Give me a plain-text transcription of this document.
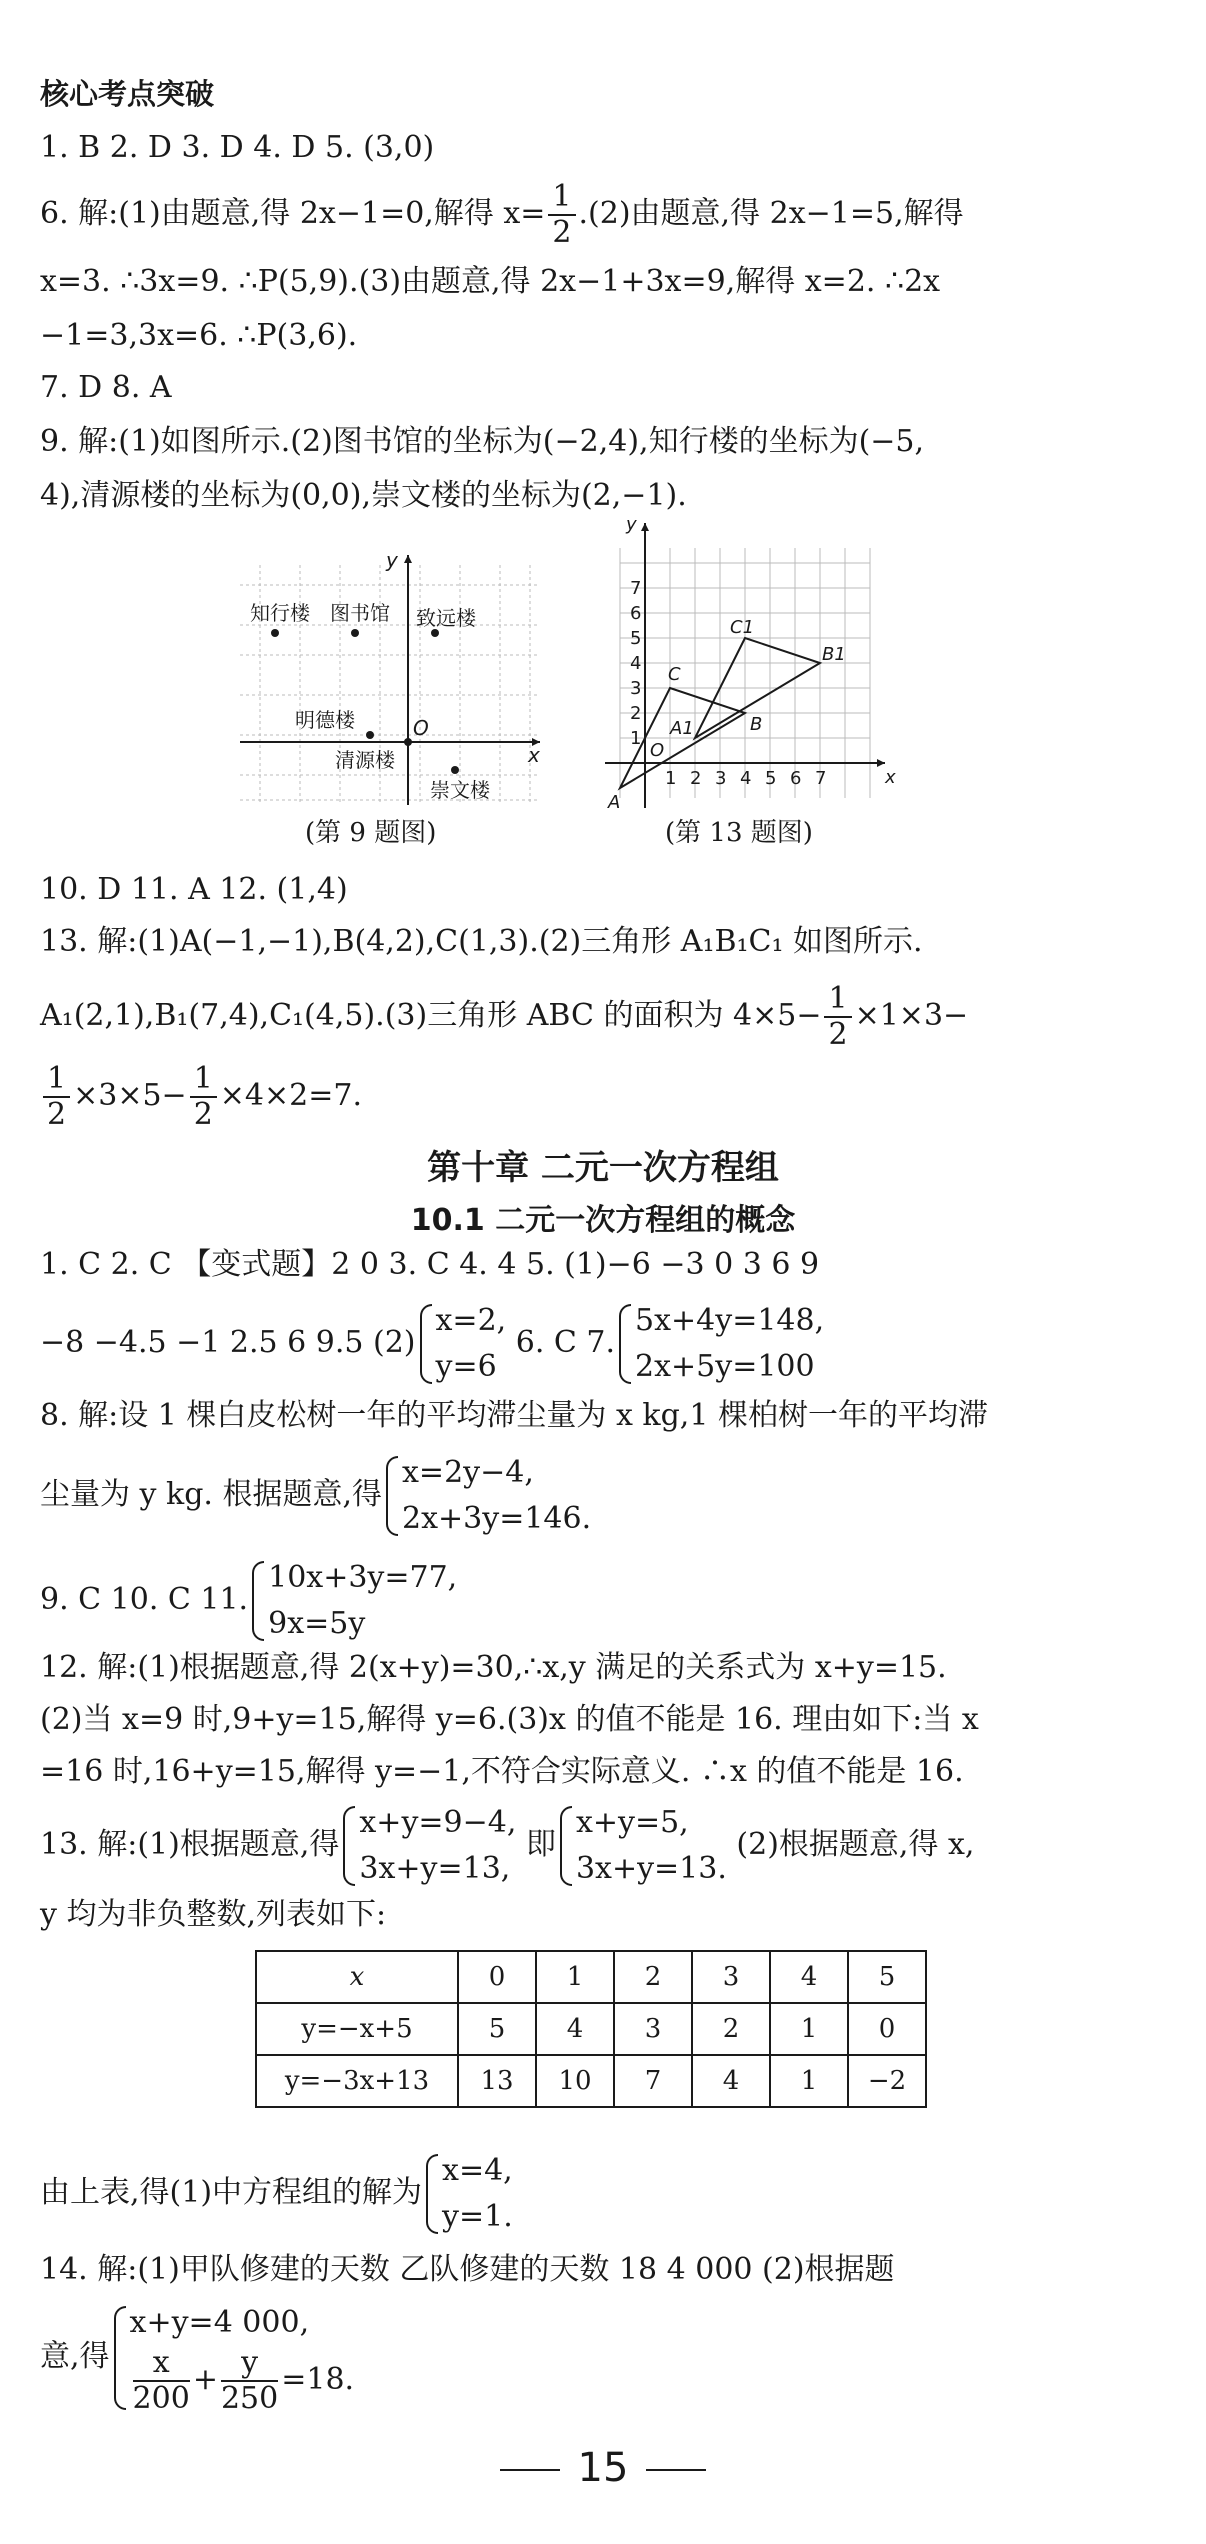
核心考点突破
1. B 2. D 3. D 4. D 5. (3,0)
6. 解:(1)由题意,得 2x−1=0,解得 $x= \frac{1}{2} .(2)$由题意,得 2x−1=5,解得
x=3. ∴3x=9. ∴P(5,9).(3)由题意,得 2x−1+3x=9,解得 x=2. ∴2x
−1=3,3x=6. ∴P(3,6).
7. D 8. A
9. 解:(1)如图所示.(2)图书馆的坐标为(−2,4),知行楼的坐标为(−5,
4),清源楼的坐标为(0,0),崇文楼的坐标为(2,−1).
知行楼 图书馆 致远楼
明德楼
清源楼
崇文楼
O
x
y
(第 9 题图)
A
B
C
A1
B1
C1
O
x
y
1 2 3 4 5 6 7
1
2
3
4
5
6
7
(第 13 题图)
10. D 11. A 12. (1,4)
13. 解:(1)A(−1,−1),B(4,2),C(1,3).(2)三角形 A₁B₁C₁ 如图所示.
A₁(2,1),B₁(7,4),C₁(4,5).(3)三角形 ABC 的面积为 $4\times 5- \frac{1}{2} \times 1\times 3-$
$\frac{1}{2} \times 3\times 5- \frac{1}{2} \times 4\times 2=7$.
第十章 二元一次方程组
10.1 二元一次方程组的概念
1. C 2. C 【变式题】2 0 3. C 4. 4 5. (1)−6 −3 0 3 6 9
−8 −4.5 −1 2.5 6 9.5 (2)
x=2,
y=6
6. C 7.
5x+4y=148,
2x+5y=100
8. 解:设 1 棵白皮松树一年的平均滞尘量为 x kg,1 棵柏树一年的平均滞
尘量为 y kg. 根据题意,得
x=2y−4,
2x+3y=146.
9. C 10. C 11.
10x+3y=77,
9x=5y
12. 解:(1)根据题意,得 2(x+y)=30,∴x,y 满足的关系式为 x+y=15.
(2)当 x=9 时,9+y=15,解得 y=6.(3)x 的值不能是 16. 理由如下:当 x
=16 时,16+y=15,解得 y=−1,不符合实际意义. ∴x 的值不能是 16.
13. 解:(1)根据题意,得
x+y=9−4,
3x+y=13,
即
x+y=5,
3x+y=13.
(2)根据题意,得 x,
y 均为非负整数,列表如下:
x	0	1	2	3	4	5
y=−x+5	5	4	3	2	1	0
y=−3x+13	13	10	7	4	1	−2
由上表,得(1)中方程组的解为
x=4,
y=1.
14. 解:(1)甲队修建的天数 乙队修建的天数 18 4 000 (2)根据题
意,得
x+y=4 000,
$\frac{x}{200} + \frac{y}{250} =18$.
15
